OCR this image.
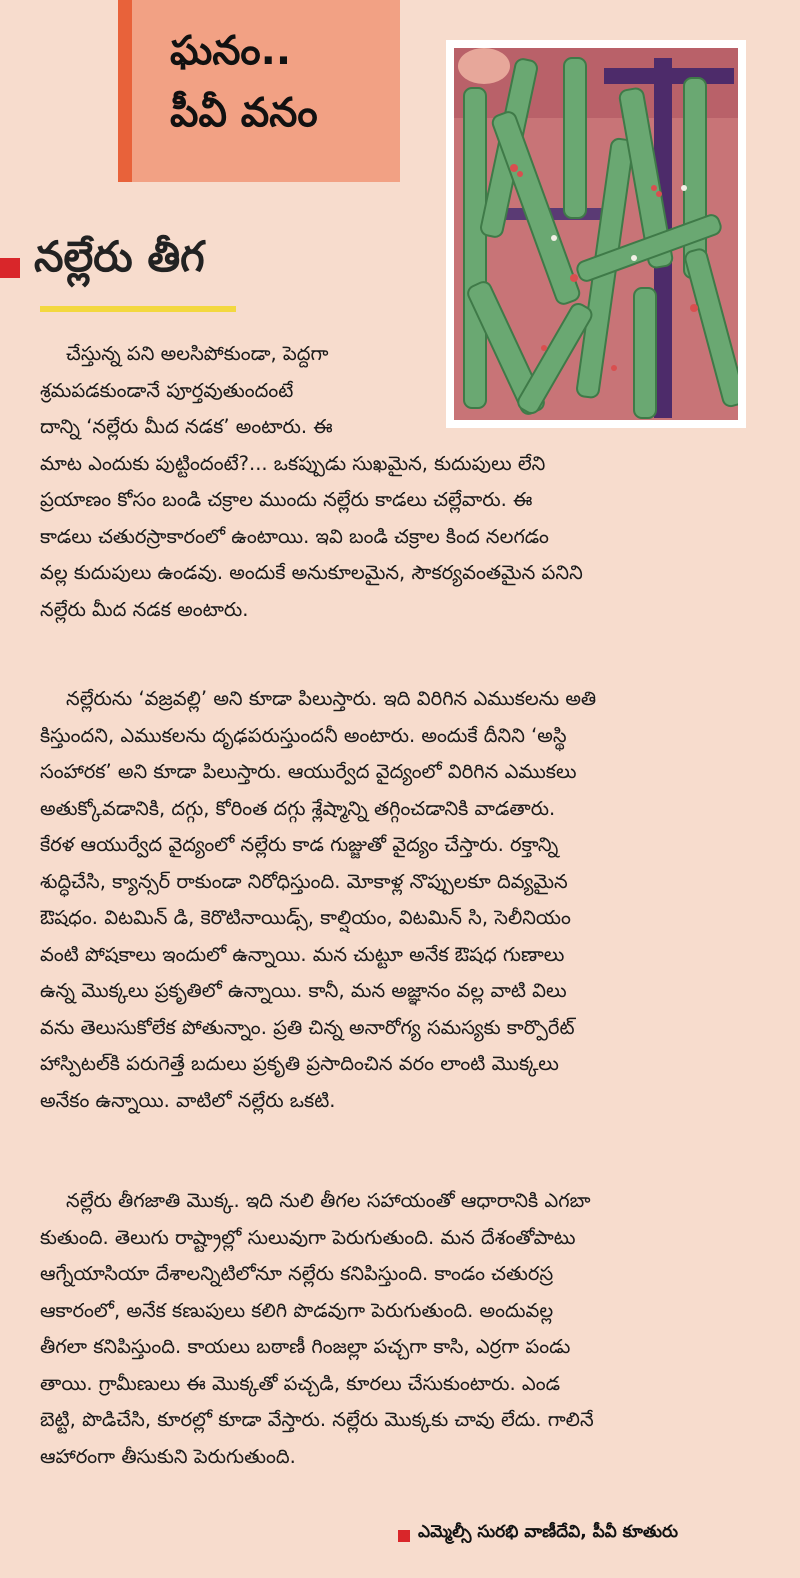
ఘనం..
పీవీ వనం
నల్లేరు తీగ
చేస్తున్న పని అలసిపోకుండా, పెద్దగా
శ్రమపడకుండానే పూర్తవుతుందంటే
దాన్ని ‘నల్లేరు మీద నడక’ అంటారు. ఈ
మాట ఎందుకు పుట్టిందంటే?... ఒకప్పుడు సుఖమైన, కుదుపులు లేని
ప్రయాణం కోసం బండి చక్రాల ముందు నల్లేరు కాడలు చల్లేవారు. ఈ
కాడలు చతురస్రాకారంలో ఉంటాయి. ఇవి బండి చక్రాల కింద నలగడం
వల్ల కుదుపులు ఉండవు. అందుకే అనుకూలమైన, సౌకర్యవంతమైన పనిని
నల్లేరు మీద నడక అంటారు.
నల్లేరును ‘వజ్రవల్లి’ అని కూడా పిలుస్తారు. ఇది విరిగిన ఎముకలను అతి
కిస్తుందని, ఎముకలను దృఢపరుస్తుందనీ అంటారు. అందుకే దీనిని ‘అస్థి
సంహారక’ అని కూడా పిలుస్తారు. ఆయుర్వేద వైద్యంలో విరిగిన ఎముకలు
అతుక్కోవడానికి, దగ్గు, కోరింత దగ్గు శ్లేష్మాన్ని తగ్గించడానికి వాడతారు.
కేరళ ఆయుర్వేద వైద్యంలో నల్లేరు కాడ గుజ్జుతో వైద్యం చేస్తారు. రక్తాన్ని
శుద్ధిచేసి, క్యాన్సర్ రాకుండా నిరోధిస్తుంది. మోకాళ్ల నొప్పులకూ దివ్యమైన
ఔషధం. విటమిన్ డి, కెరొటినాయిడ్స్, కాల్షియం, విటమిన్ సి, సెలీనియం
వంటి పోషకాలు ఇందులో ఉన్నాయి. మన చుట్టూ అనేక ఔషధ గుణాలు
ఉన్న మొక్కలు ప్రకృతిలో ఉన్నాయి. కానీ, మన అజ్ఞానం వల్ల వాటి విలు
వను తెలుసుకోలేక పోతున్నాం. ప్రతి చిన్న అనారోగ్య సమస్యకు కార్పొరేట్
హాస్పిటల్‌కి పరుగెత్తే బదులు ప్రకృతి ప్రసాదించిన వరం లాంటి మొక్కలు
అనేకం ఉన్నాయి. వాటిలో నల్లేరు ఒకటి.
నల్లేరు తీగజాతి మొక్క. ఇది నులి తీగల సహాయంతో ఆధారానికి ఎగబా
కుతుంది. తెలుగు రాష్ట్రాల్లో సులువుగా పెరుగుతుంది. మన దేశంతోపాటు
ఆగ్నేయాసియా దేశాలన్నిటిలోనూ నల్లేరు కనిపిస్తుంది. కాండం చతురస్ర
ఆకారంలో, అనేక కణుపులు కలిగి పొడవుగా పెరుగుతుంది. అందువల్ల
తీగలా కనిపిస్తుంది. కాయలు బఠాణీ గింజల్లా పచ్చగా కాసి, ఎర్రగా పండు
తాయి. గ్రామీణులు ఈ మొక్కతో పచ్చడి, కూరలు చేసుకుంటారు. ఎండ
బెట్టి, పొడిచేసి, కూరల్లో కూడా వేస్తారు. నల్లేరు మొక్కకు చావు లేదు. గాలినే
ఆహారంగా తీసుకుని పెరుగుతుంది.
ఎమ్మెల్సీ సురభి వాణీదేవి, పీవీ కూతురు
